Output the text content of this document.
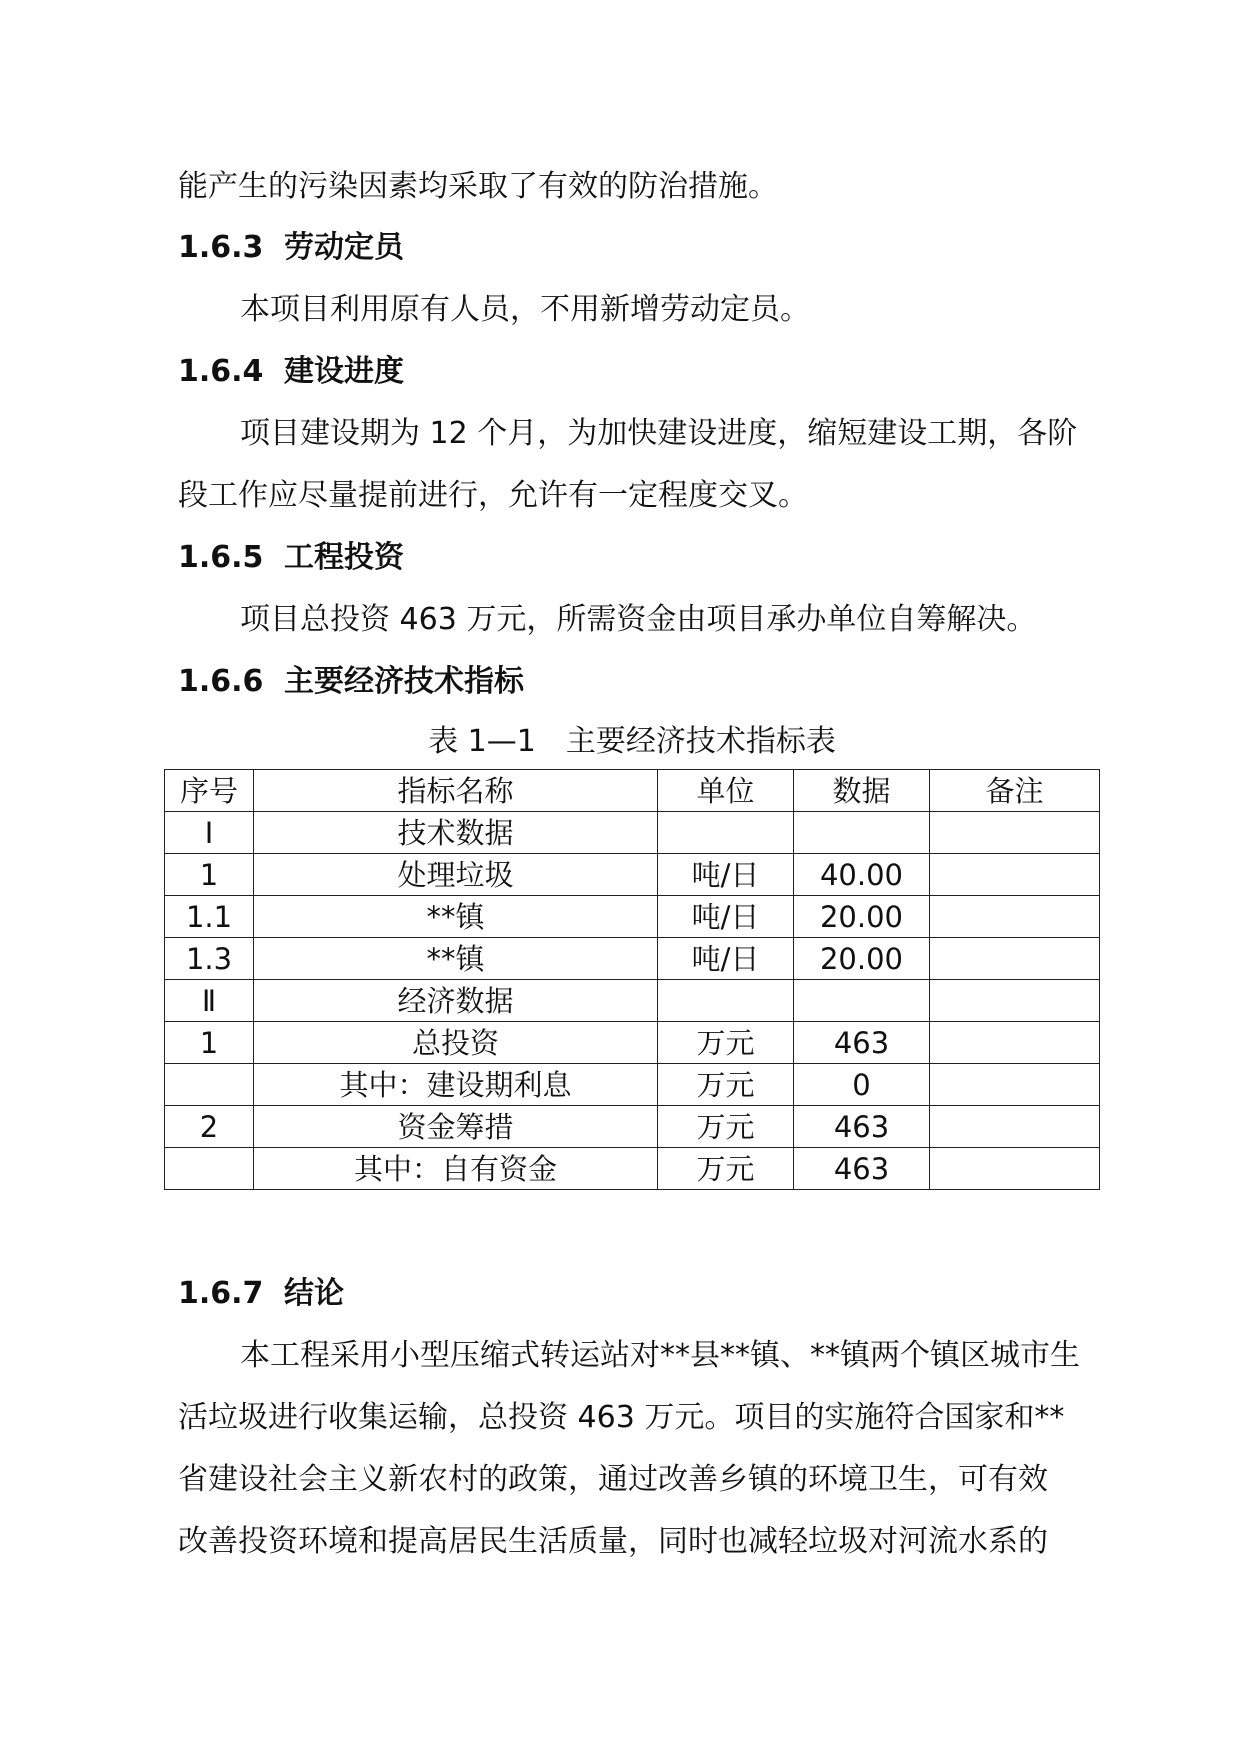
能产生的污染因素均采取了有效的防治措施。
1.6.3 劳动定员
本项目利用原有人员，不用新增劳动定员。
1.6.4 建设进度
项目建设期为 12 个月，为加快建设进度，缩短建设工期，各阶
段工作应尽量提前进行，允许有一定程度交叉。
1.6.5 工程投资
项目总投资 463 万元，所需资金由项目承办单位自筹解决。
1.6.6 主要经济技术指标
表 1—1　主要经济技术指标表
序号	指标名称	单位	数据	备注
Ⅰ	技术数据			
1	处理垃圾	吨/日	40.00	
1.1	**镇	吨/日	20.00	
1.3	**镇	吨/日	20.00	
Ⅱ	经济数据			
1	总投资	万元	463	
	其中：建设期利息	万元	0	
2	资金筹措	万元	463	
	其中：自有资金	万元	463	
1.6.7 结论
本工程采用小型压缩式转运站对**县**镇、**镇两个镇区城市生
活垃圾进行收集运输，总投资 463 万元。项目的实施符合国家和**
省建设社会主义新农村的政策，通过改善乡镇的环境卫生，可有效
改善投资环境和提高居民生活质量，同时也减轻垃圾对河流水系的
